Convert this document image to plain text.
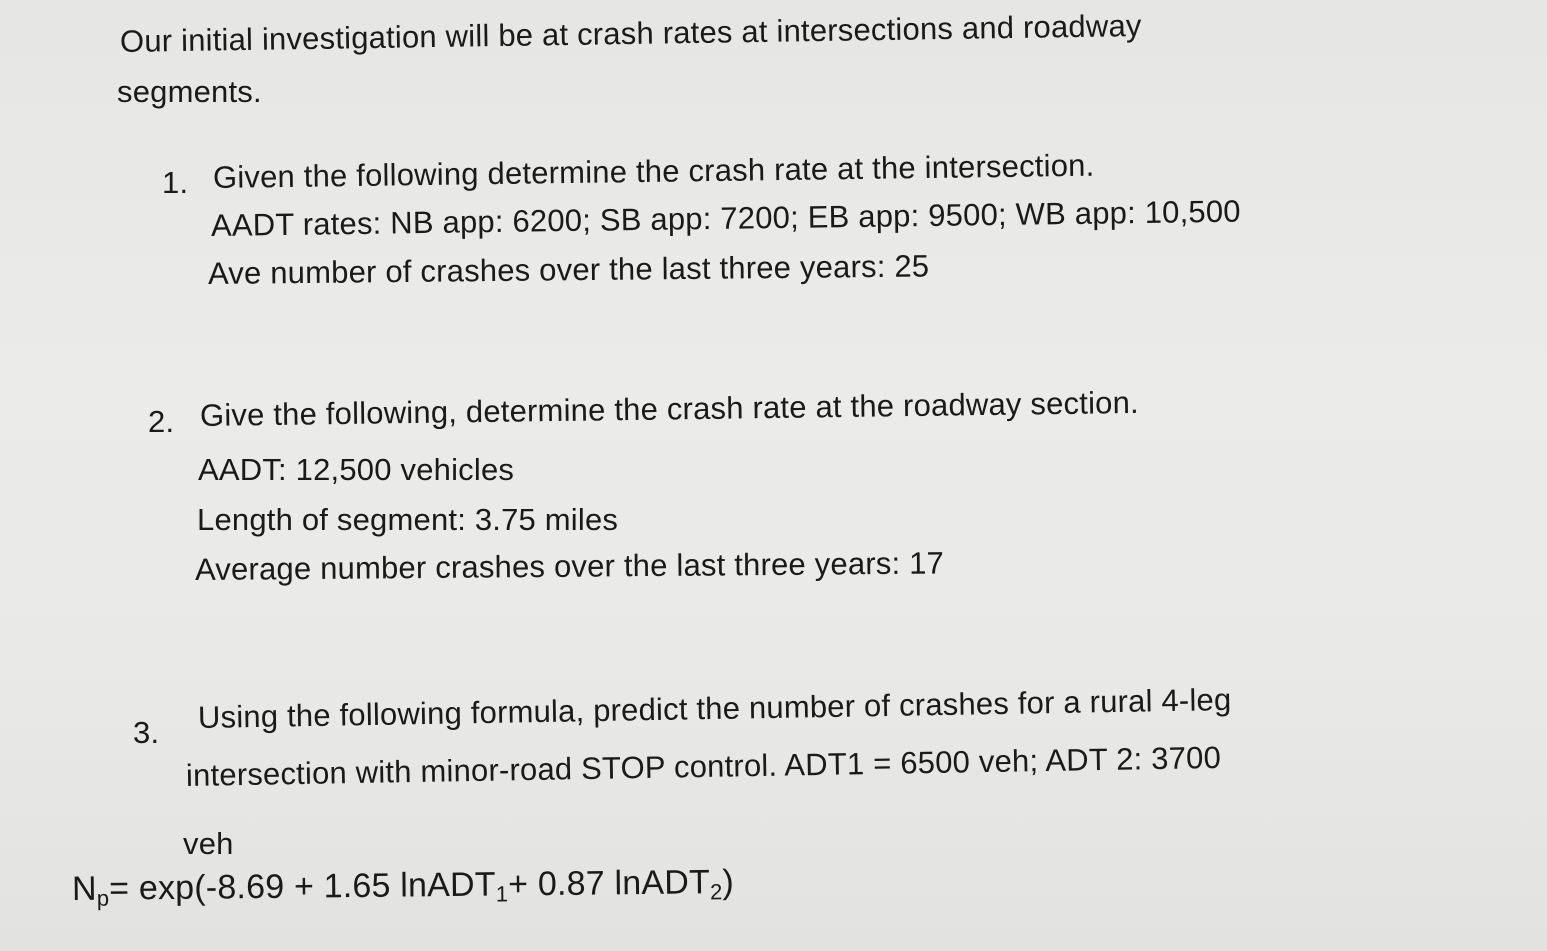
Our initial investigation will be at crash rates at intersections and roadway
segments.
1. Given the following determine the crash rate at the intersection.
AADT rates: NB app: 6200; SB app: 7200; EB app: 9500; WB app: 10,500
Ave number of crashes over the last three years: 25
2. Give the following, determine the crash rate at the roadway section.
AADT: 12,500 vehicles
Length of segment: 3.75 miles
Average number crashes over the last three years: 17
3. Using the following formula, predict the number of crashes for a rural 4-leg
intersection with minor-road STOP control. ADT1 = 6500 veh; ADT 2: 3700
veh
$N_p= \exp(-8.69 + 1.65$ lnADT$_1$+ 0.87 lnADT$_2$)
